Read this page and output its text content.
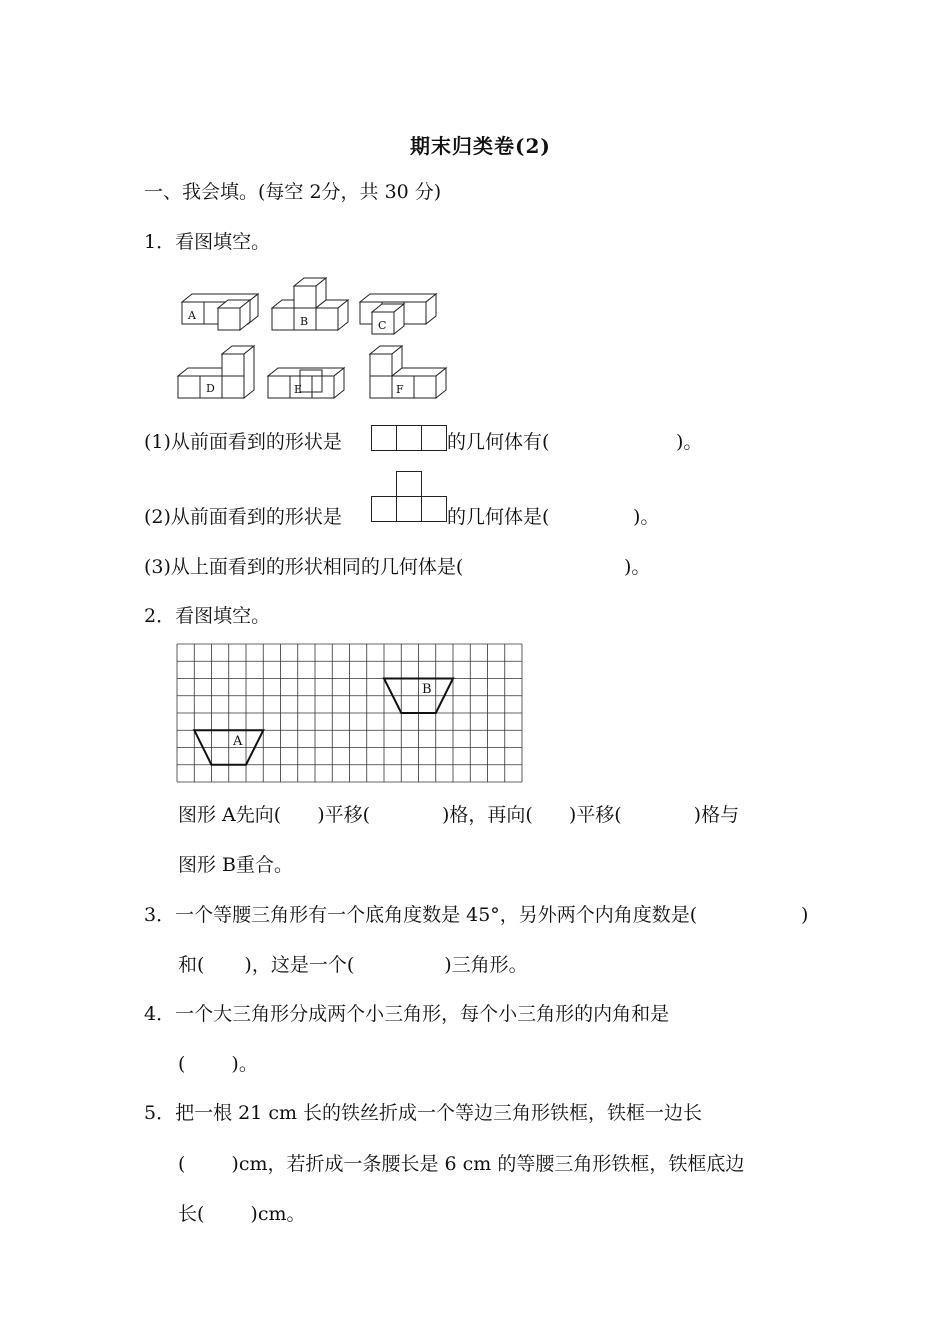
期末归类卷(2)
一、我会填。(每空 2分，共 30 分)
1．看图填空。
A	B	C
D	E	F
(1)从前面看到的形状是	的几何体有(	)。
(2)从前面看到的形状是	的几何体是(	)。
(3)从上面看到的形状相同的几何体是(	)。
2．看图填空。
A
B
图形 A先向( )平移(	)格，再向( )平移(	)格与
图形 B重合。
3．一个等腰三角形有一个底角度数是 45°，另外两个内角度数是(	)
和( )，这是一个(	)三角形。
4．一个大三角形分成两个小三角形，每个小三角形的内角和是
( )。
5．把一根 21 cm 长的铁丝折成一个等边三角形铁框，铁框一边长
( )cm，若折成一条腰长是 6 cm 的等腰三角形铁框，铁框底边
长( )cm。
